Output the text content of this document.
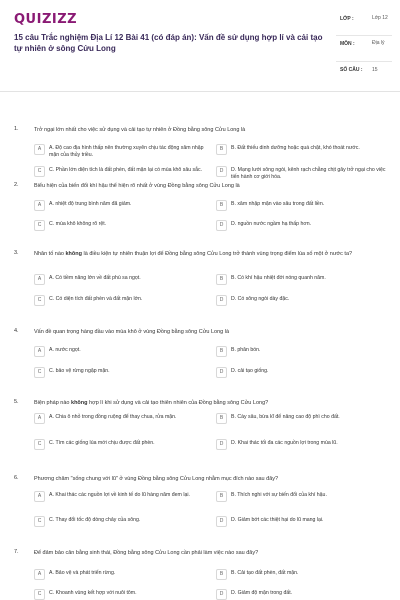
QUIZIZZ
15 câu Trắc nghiệm Địa Lí 12 Bài 41 (có đáp án): Vấn đề sử dụng hợp lí và cải tạo tự nhiên ở sông Cửu Long
LỚP :	Lớp 12
MÔN :	Địa lý
SỐ CÂU : 15
1.	Trở ngại lớn nhất cho việc sử dụng và cải tạo tự nhiên ở Đồng bằng sông Cửu Long là
A	A. Độ cao địa hình thấp nên thường xuyên chịu tác động xâm nhập mặn của thủy triều.
B	B. Đất thiếu dinh dưỡng hoặc quá chặt, khó thoát nước.
C	C. Phần lớn diện tích là đất phèn, đất mặn lại có mùa khô sâu sắc.	D	D. Mạng lưới sông ngòi, kênh rạch chằng chịt gây trở ngại cho việc tiến hành cơ giới hóa.
2.	Biểu hiện của biến đổi khí hậu thể hiện rõ nhất ở vùng Đồng bằng sông Cửu Long là
A	A. nhiệt độ trung bình năm đã giảm.	B	B. xâm nhập mặn vào sâu trong đất liền.
C	C. mùa khô không rõ rệt.	D	D. nguồn nước ngầm hạ thấp hơn.
3.	Nhân tố nào không là điều kiện tự nhiên thuận lợi để Đồng bằng sông Cửu Long trở thành vùng trọng điểm lúa số một ở nước ta?
A	A. Có tiềm năng lớn về đất phù sa ngọt.	B	B. Có khí hậu nhiệt đới nóng quanh năm.
C	C. Có diện tích đất phèn và đất mặn lớn.	D	D. Có sông ngòi dày đặc.
4.	Vấn đề quan trọng hàng đầu vào mùa khô ở vùng Đồng bằng sông Cửu Long là
A	A. nước ngọt.	B	B. phân bón.
C	C. bảo vệ rừng ngập mặn.	D	D. cải tạo giống.
5.	Biện pháp nào không hợp lí khi sử dụng và cải tạo thiên nhiên của Đồng bằng sông Cửu Long?
A	A. Chia ô nhỏ trong đồng ruộng để thay chua, rửa mặn.	B	B. Cày sâu, bừa kĩ để nâng cao độ phì cho đất.
C	C. Tìm các giống lúa mới chịu được đất phèn.	D	D. Khai thác tối đa các nguồn lợi trong mùa lũ.
6.	Phương châm "sống chung với lũ" ở vùng Đồng bằng sông Cửu Long nhằm mục đích nào sau đây?
A	A. Khai thác các nguồn lợi về kinh tế do lũ hàng năm đem lại.	B	B. Thích nghi với sự biến đổi của khí hậu.
C	C. Thay đổi tốc độ dòng chảy của sông.	D	D. Giảm bớt các thiệt hại do lũ mang lại.
7.	Để đảm bảo cân bằng sinh thái, Đồng bằng sông Cửu Long cần phải làm việc nào sau đây?
A	A. Bảo vệ và phát triển rừng.	B	B. Cải tạo đất phèn, đất mặn.
C	C. Khoanh vùng kết hợp với nuôi tôm.	D	D. Giảm độ mặn trong đất.
